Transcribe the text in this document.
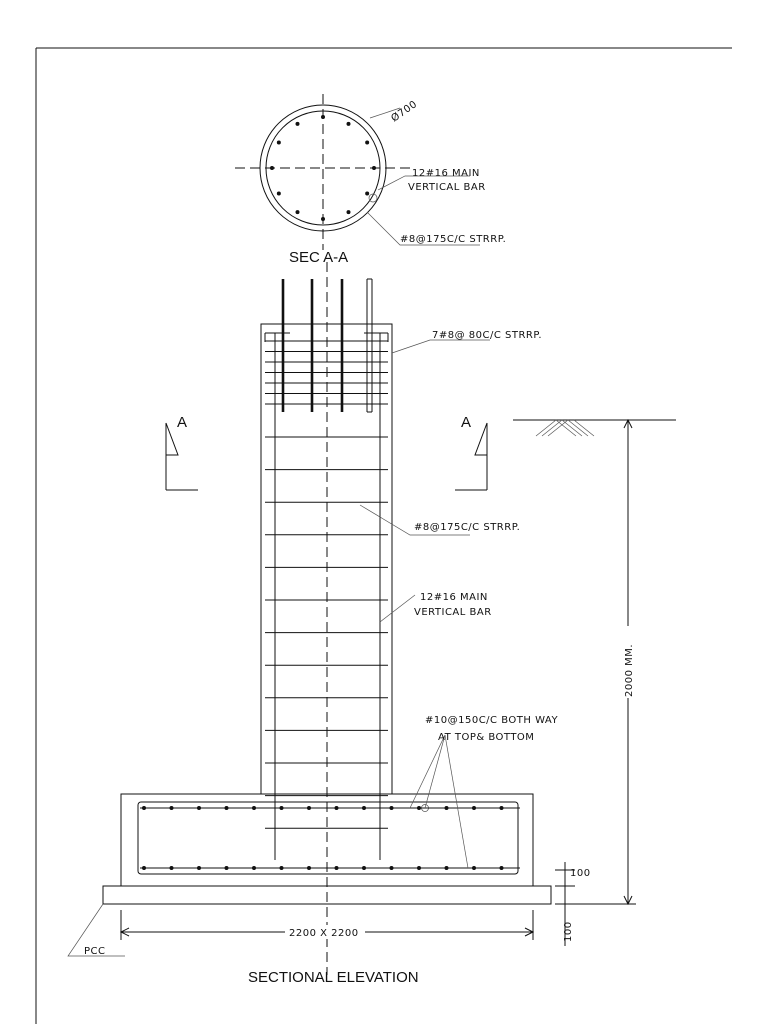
Ø700
12#16 MAIN
VERTICAL BAR
#8@175C/C STRRP.
SEC A-A
7#8@ 80C/C STRRP.
#8@175C/C STRRP.
12#16 MAIN
VERTICAL BAR
A	A
#10@150C/C BOTH WAY
AT TOP& BOTTOM
PCC
2000 MM.
100
100
2200 X 2200
SECTIONAL ELEVATION
